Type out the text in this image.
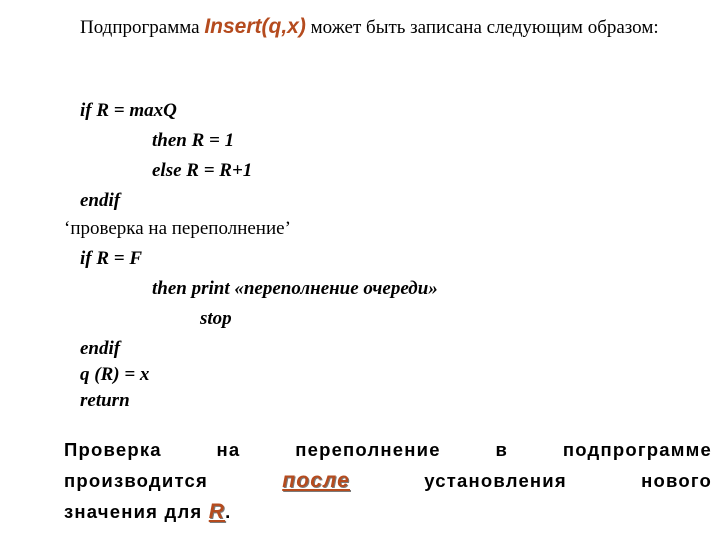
Подпрограмма Insert(q,x) может быть записана следующим образом:
if R = maxQ
then R = 1
else R = R+1
endif
‘проверка на переполнение’
if R = F
then print «переполнение очереди»
stop
endif
q (R) = x
return
Проверка	на	переполнение	в	подпрограмме
производится	после	установления	нового
значения для R.
